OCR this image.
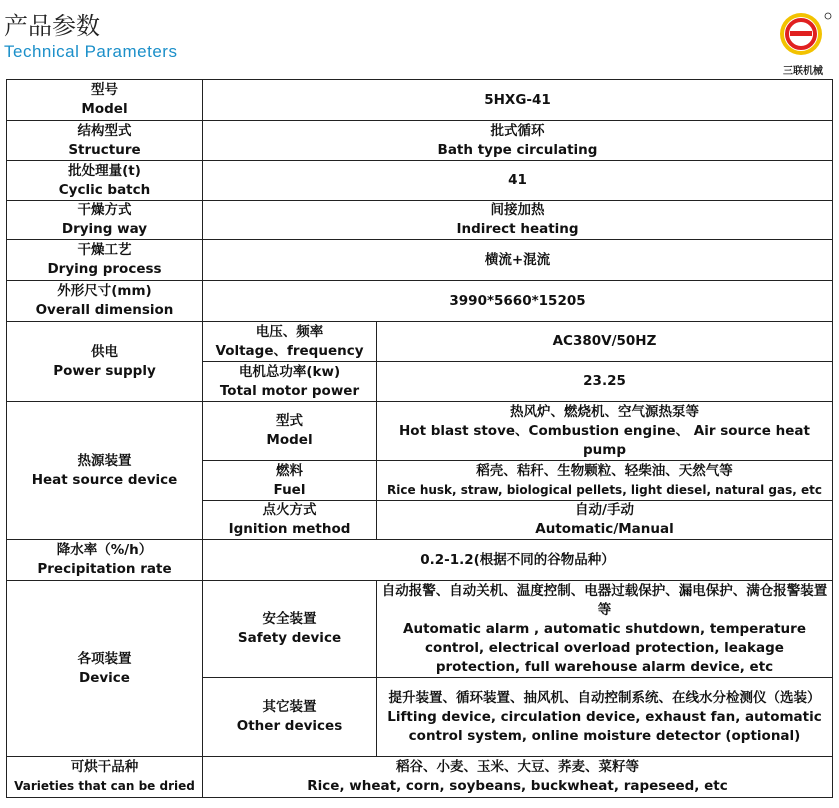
产品参数
Technical Parameters
三联机械
型号
Model	5HXG-41	

结构型式
Structure	批式循环
Bath type circulating	

批处理量(t)
Cyclic batch	41	

干燥方式
Drying way	间接加热
Indirect heating	

干燥工艺
Drying process	横流+混流	

外形尺寸(mm)
Overall dimension	3990*5660*15205	

供电
Power supply	电压、频率
Voltage、frequency	AC380V/50HZ

	电机总功率(kw)
Total motor power	23.25

热源装置
Heat source device	型式
Model	热风炉、燃烧机、空气源热泵等
Hot blast stove、Combustion engine、 Air source heat pump

	燃料
Fuel	稻壳、秸秆、生物颗粒、轻柴油、天然气等
Rice husk, straw, biological pellets, light diesel, natural gas, etc

	点火方式
Ignition method	自动/手动
Automatic/Manual

降水率（%/h）
Precipitation rate	0.2-1.2(根据不同的谷物品种）	

各项装置
Device	安全装置
Safety device	自动报警、自动关机、温度控制、电器过载保护、漏电保护、满仓报警装置等
Automatic alarm , automatic shutdown, temperature control, electrical overload protection, leakage protection, full warehouse alarm device, etc

	其它装置
Other devices	提升装置、循环装置、抽风机、自动控制系统、在线水分检测仪（选装）
Lifting device, circulation device, exhaust fan, automatic control system, online moisture detector (optional)

可烘干品种
Varieties that can be dried	稻谷、小麦、玉米、大豆、荞麦、菜籽等
Rice, wheat, corn, soybeans, buckwheat, rapeseed, etc	
